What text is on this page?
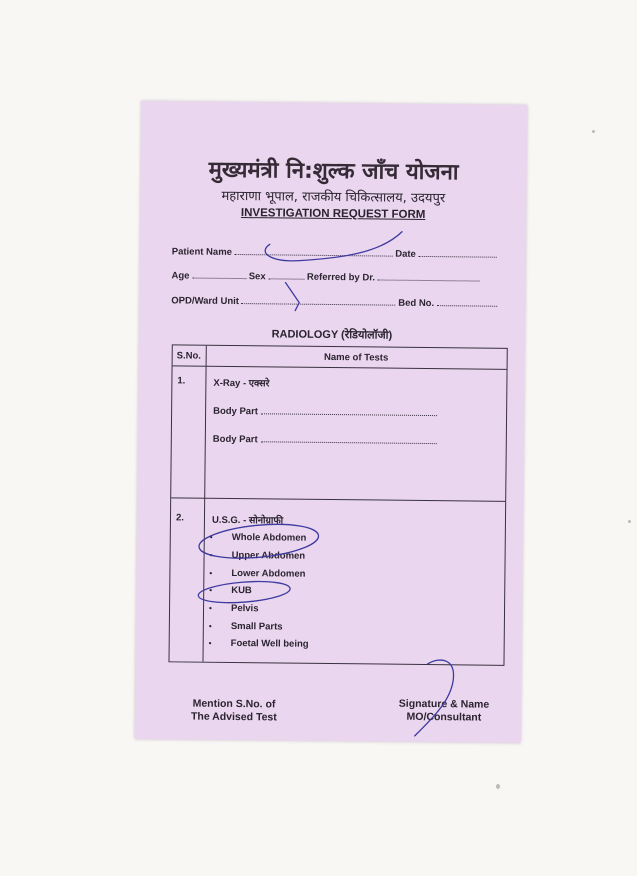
मुख्यमंत्री नि:शुल्क जाँच योजना
महाराणा भूपाल, राजकीय चिकित्सालय, उदयपुर
INVESTIGATION REQUEST FORM
Patient Name	Date
Age	Sex	Referred by Dr.
OPD/Ward Unit	Bed No.
RADIOLOGY (रेडियोलॉजी)
S.No.	Name of Tests
1.	X-Ray - एक्सरे
Body Part
Body Part
2.	U.S.G. - सोनोग्राफी
• Whole Abdomen
• Upper Abdomen
• Lower Abdomen
• KUB
• Pelvis
• Small Parts
• Foetal Well being
Mention S.No. of
The Advised Test
Signature & Name
MO/Consultant
Osmer
M
OBG	50639
